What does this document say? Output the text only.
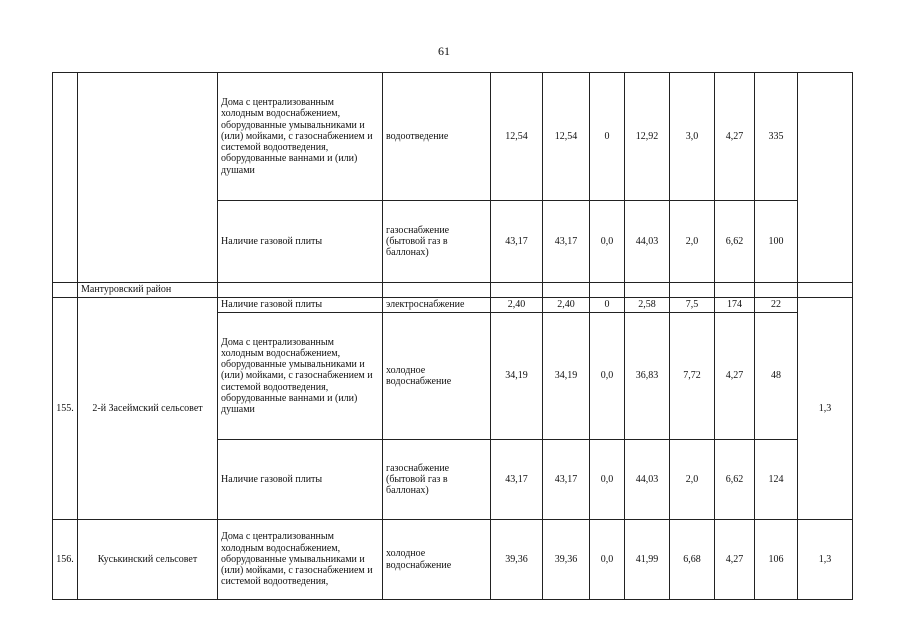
61
		Дома с централизованным холодным водоснабжением, оборудованные умывальниками и (или) мойками, с газоснабжением и системой водоотведения, оборудованные ваннами и (или) душами	водоотведение	12,54	12,54	0	12,92	3,0	4,27	335	
		Наличие газовой плиты	газоснабжение (бытовой газ в баллонах)	43,17	43,17	0,0	44,03	2,0	6,62	100	
	Мантуровский район										
155.	2-й Засеймский сельсовет	Наличие газовой плиты	электроснабжение	2,40	2,40	0	2,58	7,5	174	22	1,3
		Дома с централизованным холодным водоснабжением, оборудованные умывальниками и (или) мойками, с газоснабжением и системой водоотведения, оборудованные ваннами и (или) душами	холодное водоснабжение	34,19	34,19	0,0	36,83	7,72	4,27	48	
		Наличие газовой плиты	газоснабжение (бытовой газ в баллонах)	43,17	43,17	0,0	44,03	2,0	6,62	124	
156.	Куськинский сельсовет	Дома с централизованным холодным водоснабжением, оборудованные умывальниками и (или) мойками, с газоснабжением и системой водоотведения,	холодное водоснабжение	39,36	39,36	0,0	41,99	6,68	4,27	106	1,3
